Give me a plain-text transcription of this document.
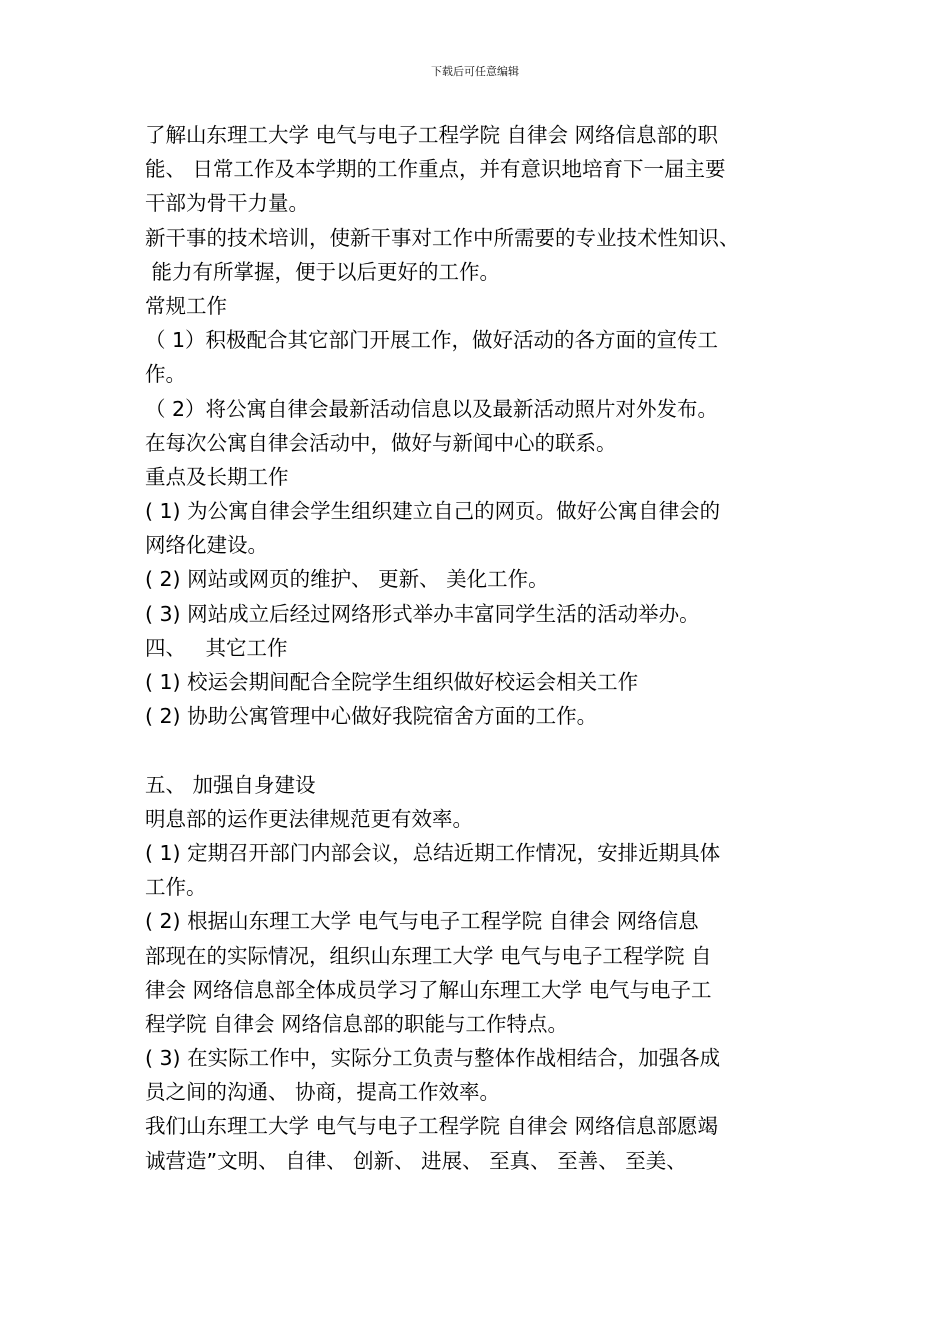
下载后可任意编辑
了解山东理工大学 电气与电子工程学院 自律会 网络信息部的职
能、 日常工作及本学期的工作重点，并有意识地培育下一届主要
干部为骨干力量。
新干事的技术培训，使新干事对工作中所需要的专业技术性知识、
能力有所掌握，便于以后更好的工作。
常规工作
（ 1）积极配合其它部门开展工作，做好活动的各方面的宣传工
作。
（ 2）将公寓自律会最新活动信息以及最新活动照片对外发布。
在每次公寓自律会活动中，做好与新闻中心的联系。
重点及长期工作
( 1) 为公寓自律会学生组织建立自己的网页。做好公寓自律会的
网络化建设。
( 2) 网站或网页的维护、 更新、 美化工作。
( 3) 网站成立后经过网络形式举办丰富同学生活的活动举办。
四、   其它工作
( 1) 校运会期间配合全院学生组织做好校运会相关工作
( 2) 协助公寓管理中心做好我院宿舍方面的工作。
五、 加强自身建设
明息部的运作更法律规范更有效率。
( 1) 定期召开部门内部会议，总结近期工作情况，安排近期具体
工作。
( 2) 根据山东理工大学 电气与电子工程学院 自律会 网络信息
部现在的实际情况，组织山东理工大学 电气与电子工程学院 自
律会 网络信息部全体成员学习了解山东理工大学 电气与电子工
程学院 自律会 网络信息部的职能与工作特点。
( 3) 在实际工作中，实际分工负责与整体作战相结合，加强各成
员之间的沟通、 协商，提高工作效率。
我们山东理工大学 电气与电子工程学院 自律会 网络信息部愿竭
诚营造”文明、 自律、 创新、 进展、 至真、 至善、 至美、
